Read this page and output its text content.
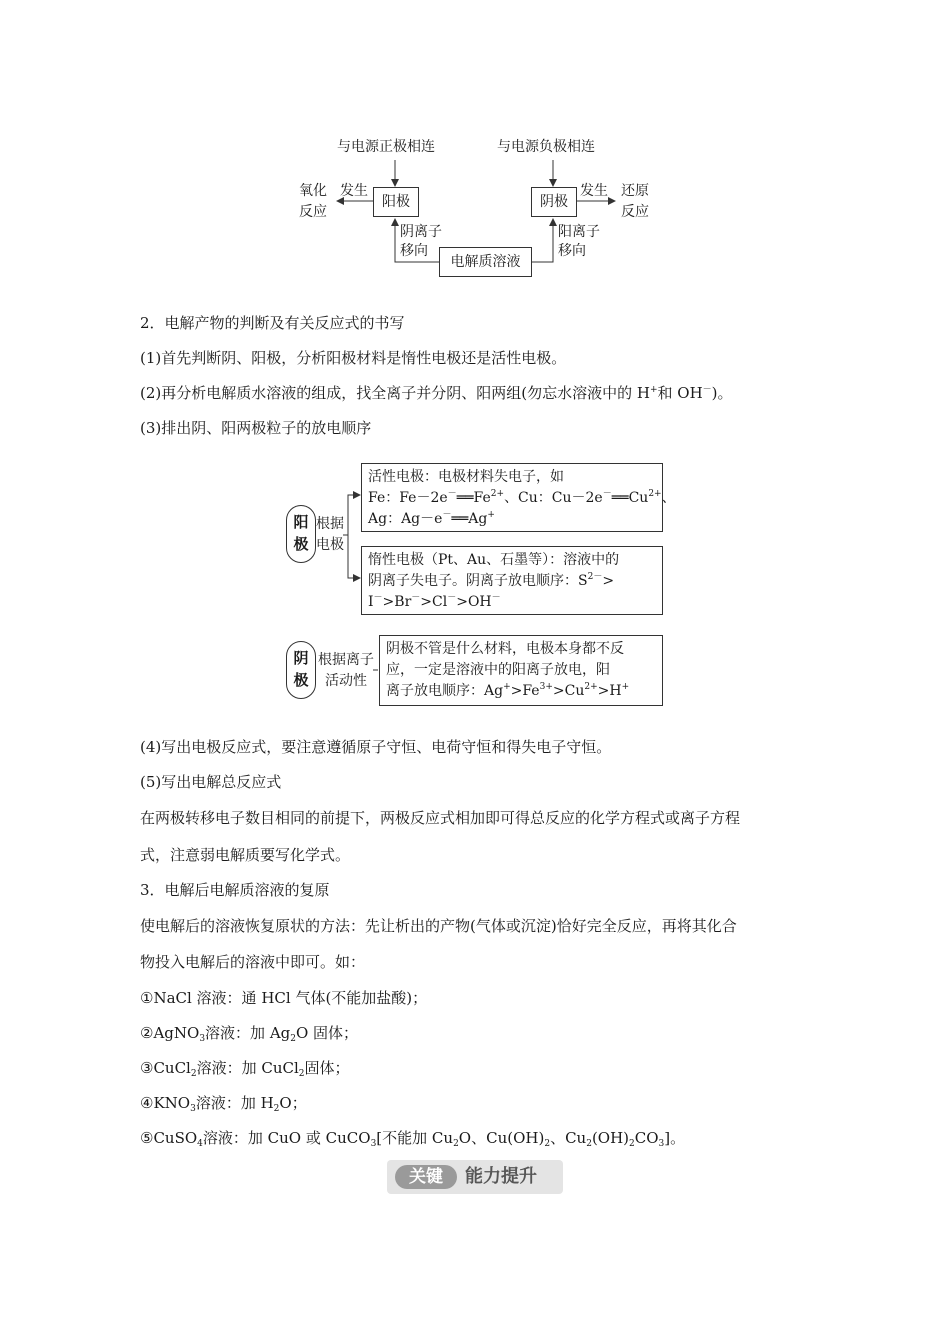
与电源正极相连	与电源负极相连
阳极	阴极
发生	发生
氧化
反应
还原
反应
阴离子
移向
阳离子
移向
电解质溶液
2．电解产物的判断及有关反应式的书写
(1)首先判断阴、阳极，分析阳极材料是惰性电极还是活性电极。
(2)再分析电解质水溶液的组成，找全离子并分阴、阳两组(勿忘水溶液中的 H+和 OH－)。
(3)排出阴、阳两极粒子的放电顺序
阳
极
根据
电极
活性电极：电极材料失电子，如
Fe：$Fe-2e^-══Fe^{2+}$、Cu：$Cu-2e^-══Cu^{2+}$、
Ag：Ag－e－══Ag+
惰性电极（Pt、Au、石墨等）：溶液中的
阴离子失电子。阴离子放电顺序：$S^{2-}>$
I－>Br－>Cl－>OH－
阴
极
根据离子
活动性
阴极不管是什么材料，电极本身都不反
应，一定是溶液中的阳离子放电，阳
离子放电顺序：$Ag^+>Fe^{3+}>Cu^{2+}>H^+$
(4)写出电极反应式，要注意遵循原子守恒、电荷守恒和得失电子守恒。
(5)写出电解总反应式
在两极转移电子数目相同的前提下，两极反应式相加即可得总反应的化学方程式或离子方程
式，注意弱电解质要写化学式。
3．电解后电解质溶液的复原
使电解后的溶液恢复原状的方法：先让析出的产物(气体或沉淀)恰好完全反应，再将其化合
物投入电解后的溶液中即可。如：
①NaCl 溶液：通 HCl 气体(不能加盐酸)；
②AgNO$_3$溶液：加 $Ag_2O$ 固体；
③CuCl$_2$溶液：加 CuCl$_2$固体；
$④KNO_3$溶液：加 $H_2O$；
⑤CuSO$_4$溶液：加 CuO 或 CuCO$_3$[不能加 $Cu_2O$、$Cu(OH)_2$、$Cu_2(OH)_2CO_3$]。
关键	能力提升
